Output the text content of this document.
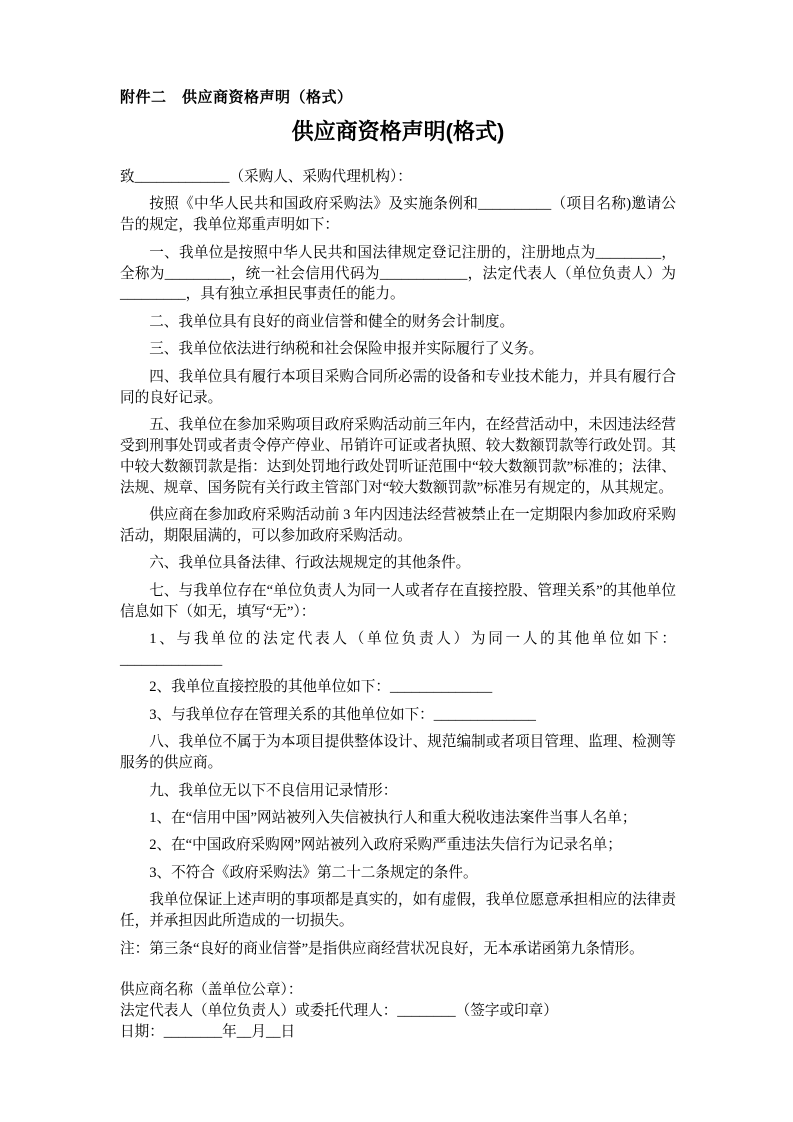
附件二　供应商资格声明（格式）

供应商资格声明(格式)

致_____________（采购人、采购代理机构）：

按照《中华人民共和国政府采购法》及实施条例和__________（项目名称)邀请公告的规定，我单位郑重声明如下：

一、我单位是按照中华人民共和国法律规定登记注册的，注册地点为_________，全称为_________，统一社会信用代码为____________，法定代表人（单位负责人）为_________，具有独立承担民事责任的能力。

二、我单位具有良好的商业信誉和健全的财务会计制度。

三、我单位依法进行纳税和社会保险申报并实际履行了义务。

四、我单位具有履行本项目采购合同所必需的设备和专业技术能力，并具有履行合同的良好记录。

五、我单位在参加采购项目政府采购活动前三年内，在经营活动中，未因违法经营受到刑事处罚或者责令停产停业、吊销许可证或者执照、较大数额罚款等行政处罚。其中较大数额罚款是指：达到处罚地行政处罚听证范围中“较大数额罚款”标准的；法律、法规、规章、国务院有关行政主管部门对“较大数额罚款”标准另有规定的，从其规定。

供应商在参加政府采购活动前 3 年内因违法经营被禁止在一定期限内参加政府采购活动，期限届满的，可以参加政府采购活动。

六、我单位具备法律、行政法规规定的其他条件。

七、与我单位存在“单位负责人为同一人或者存在直接控股、管理关系”的其他单位信息如下（如无，填写“无”）：

1、与我单位的法定代表人（单位负责人）为同一人的其他单位如下：______________

2、我单位直接控股的其他单位如下：______________

3、与我单位存在管理关系的其他单位如下：______________

八、我单位不属于为本项目提供整体设计、规范编制或者项目管理、监理、检测等服务的供应商。

九、我单位无以下不良信用记录情形：

1、在“信用中国”网站被列入失信被执行人和重大税收违法案件当事人名单；

2、在“中国政府采购网”网站被列入政府采购严重违法失信行为记录名单；

3、不符合《政府采购法》第二十二条规定的条件。

我单位保证上述声明的事项都是真实的，如有虚假，我单位愿意承担相应的法律责任，并承担因此所造成的一切损失。

注：第三条“良好的商业信誉”是指供应商经营状况良好，无本承诺函第九条情形。

供应商名称（盖单位公章）：

法定代表人（单位负责人）或委托代理人：________（签字或印章）

日期：________年__月__日
